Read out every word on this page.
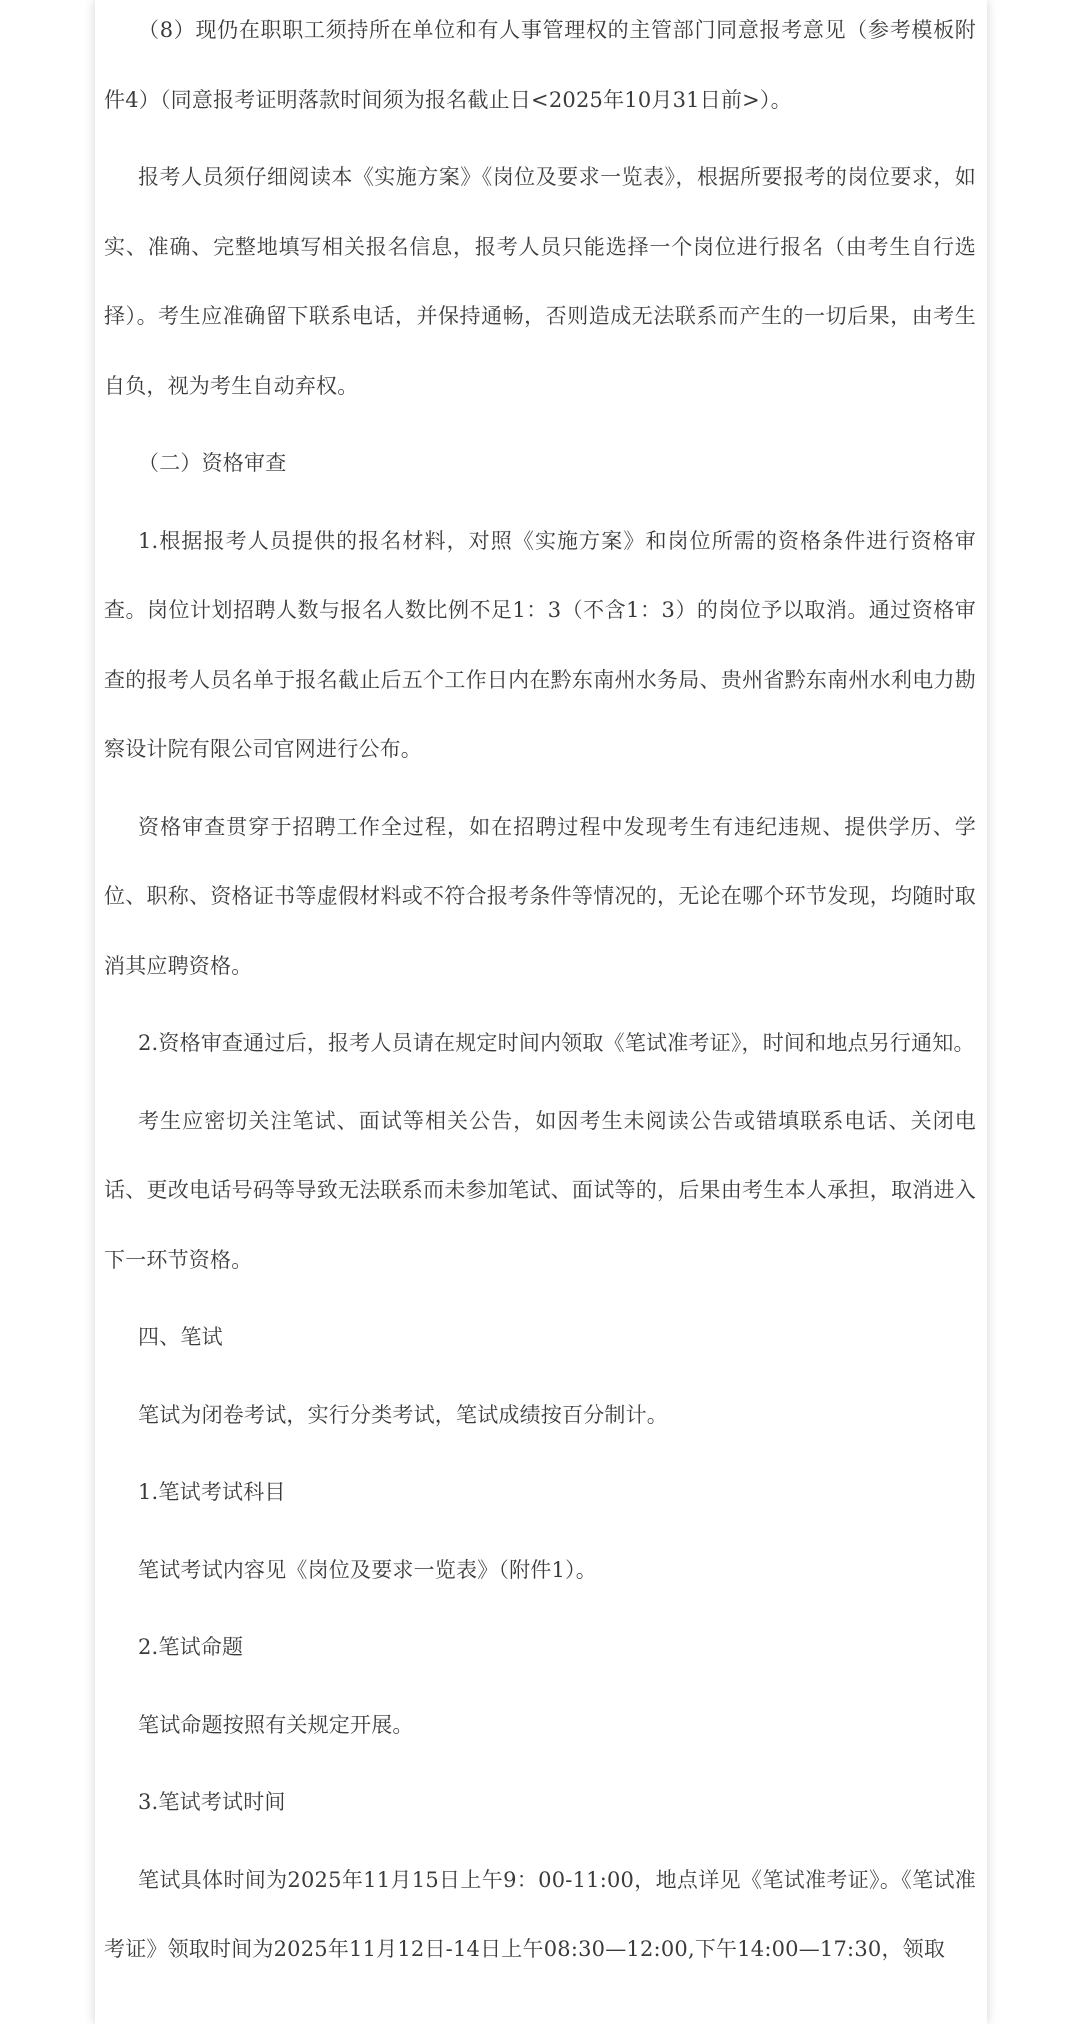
（8）现仍在职职工须持所在单位和有人事管理权的主管部门同意报考意见（参考模板附件4）（同意报考证明落款时间须为报名截止日<2025年10月31日前>）。

报考人员须仔细阅读本《实施方案》《岗位及要求一览表》，根据所要报考的岗位要求，如实、准确、完整地填写相关报名信息，报考人员只能选择一个岗位进行报名（由考生自行选择）。考生应准确留下联系电话，并保持通畅，否则造成无法联系而产生的一切后果，由考生自负，视为考生自动弃权。

（二）资格审查

1.根据报考人员提供的报名材料，对照《实施方案》和岗位所需的资格条件进行资格审查。岗位计划招聘人数与报名人数比例不足1：3（不含1：3）的岗位予以取消。通过资格审查的报考人员名单于报名截止后五个工作日内在黔东南州水务局、贵州省黔东南州水利电力勘察设计院有限公司官网进行公布。

资格审查贯穿于招聘工作全过程，如在招聘过程中发现考生有违纪违规、提供学历、学位、职称、资格证书等虚假材料或不符合报考条件等情况的，无论在哪个环节发现，均随时取消其应聘资格。

2.资格审查通过后，报考人员请在规定时间内领取《笔试准考证》，时间和地点另行通知。

考生应密切关注笔试、面试等相关公告，如因考生未阅读公告或错填联系电话、关闭电话、更改电话号码等导致无法联系而未参加笔试、面试等的，后果由考生本人承担，取消进入下一环节资格。

四、笔试

笔试为闭卷考试，实行分类考试，笔试成绩按百分制计。

1.笔试考试科目

笔试考试内容见《岗位及要求一览表》（附件1）。

2.笔试命题

笔试命题按照有关规定开展。

3.笔试考试时间

笔试具体时间为2025年11月15日上午9：00-11:00，地点详见《笔试准考证》。《笔试准考证》领取时间为2025年11月12日-14日上午08:30—12:00,下午14:00—17:30，领取
